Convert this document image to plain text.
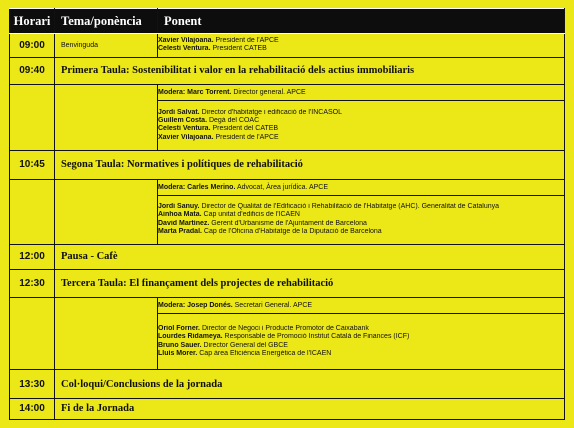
Horari	Tema/ponència	Ponent
09:00	Benvinguda	Xavier Vilajoana. President de l'APCE
Celesti Ventura. President CATEB

09:40	Primera Taula: Sostenibilitat i valor en la rehabilitació dels actius immobiliaris	
		Modera: Marc Torrent. Director general. APCE

		Jordi Salvat. Director d'habitatge i edificació de l'INCASÒL
Guillem Costa. Degà del COAC
Celesti Ventura. President del CATEB
Xavier Vilajoana. President de l'APCE

10:45	Segona Taula: Normatives i polítiques de rehabilitació	
		Modera: Carles Merino. Advocat, Àrea jurídica. APCE

		Jordi Sanuy. Director de Qualitat de l'Edificació i Rehabilitació de l'Habitatge (AHC). Generalitat de Catalunya
Ainhoa Mata. Cap unitat d'edificis de l'ICAEN
David Martínez. Gerent d'Urbanisme de l'Ajuntament de Barcelona
Marta Pradal. Cap de l'Oficina d'Habitatge de la Diputació de Barcelona

12:00	Pausa - Cafè	
12:30	Tercera Taula: El finançament dels projectes de rehabilitació	
		Modera: Josep Donés. Secretari General. APCE

		Oriol Forner. Director de Negoci i Producte Promotor de Caixabank
Lourdes Ridameya. Responsable de Promoció Institut Català de Finances (ICF)
Bruno Sauer. Director General del GBCE
Lluís Morer. Cap àrea Eficiència Energètica de l'ICAEN

13:30	Col·loqui/Conclusions de la jornada	
14:00	Fi de la Jornada	
